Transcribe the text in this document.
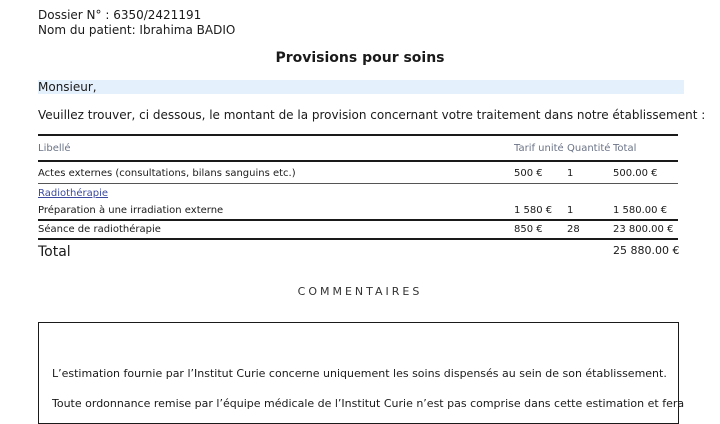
Dossier N° : 6350/2421191
Nom du patient: Ibrahima BADIO
Provisions pour soins
Monsieur,
Veuillez trouver, ci dessous, le montant de la provision concernant votre traitement dans notre établissement :
Libellé	Tarif unité Quantité Total
Actes externes (consultations, bilans sanguins etc.)	500 € 1	500.00 €
Radiothérapie
Préparation à une irradiation externe	1 580 € 1	1 580.00 €
Séance de radiothérapie	850 € 28	23 800.00 €
Total	25 880.00 €
COMMENTAIRES
L’estimation fournie par l’Institut Curie concerne uniquement les soins dispensés au sein de son établissement.
Toute ordonnance remise par l’équipe médicale de l’Institut Curie n’est pas comprise dans cette estimation et fera
